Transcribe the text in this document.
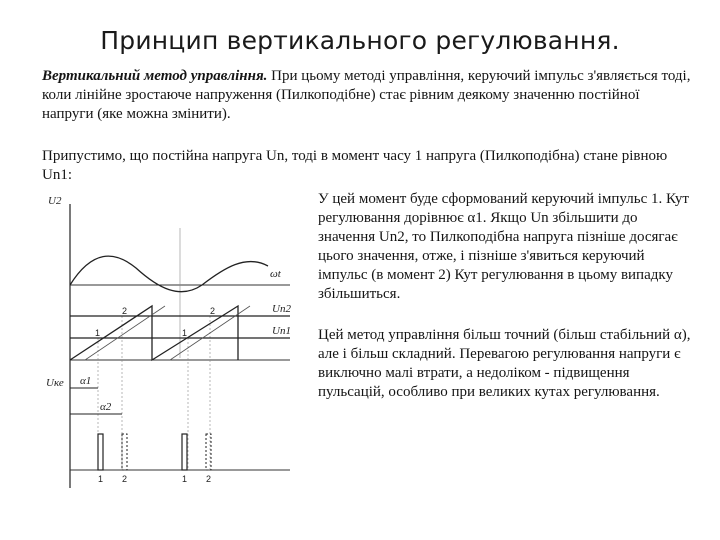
Принцип вертикального регулювання.
Вертикальний метод управління. При цьому методі управління, керуючий імпульс з'являється тоді, коли лінійне зростаюче напруження (Пилкоподібне) стає рівним деякому значенню постійної напруги (яке можна змінити).
Припустимо, що постійна напруга Un, тоді в момент часу 1 напруга (Пилкоподібна) стане рівною Un1:
У цей момент буде сформований керуючий імпульс 1. Кут регулювання дорівнює α1. Якщо Un збільшити до значення Un2, то Пилкоподібна напруга пізніше досягає цього значення, отже, і пізніше з'явиться керуючий імпульс (в момент 2) Кут регулювання в цьому випадку збільшиться.
Цей метод управління більш точний (більш стабільний α), але і більш складний. Перевагою регулювання напруги є виключно малі втрати, а недоліком - підвищення пульсацій, особливо при великих кутах регулювання.
U2
ωt
Un2
Un1
Uке α1
α2
1
2
1
2
1 2	1 2
